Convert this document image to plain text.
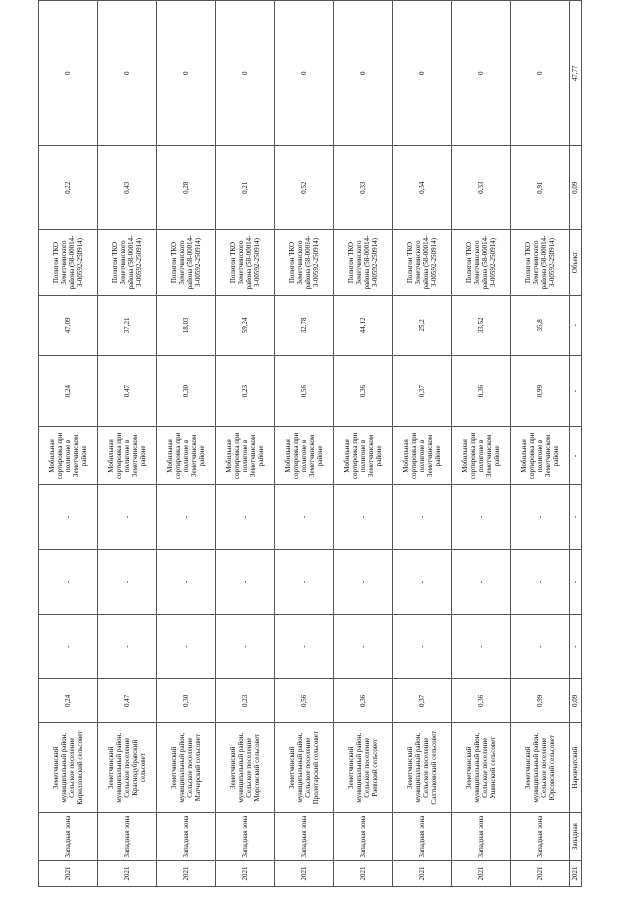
2021	Западная зона	Земетчинский муниципальный район, Сельское поселение Кирилловский сельсовет	0,24	-	-	-	Мобильная сортировка при полигоне в Земетчинском районе	0,24	47,09	Полигон ТКО Земетчинского района (58-00014-З-00592-250914)	0,22	0
2021	Западная зона	Земетчинский муниципальный район, Сельское поселение Краснодубравский сельсовет	0,47	-	-	-	Мобильная сортировка при полигоне в Земетчинском районе	0,47	37,21	Полигон ТКО Земетчинского района (58-00014-З-00592-250914)	0,43	0
2021	Западная зона	Земетчинский муниципальный район, Сельское поселение Матчерский сельсовет	0,30	-	-	-	Мобильная сортировка при полигоне в Земетчинском районе	0,30	18,03	Полигон ТКО Земетчинского района (58-00014-З-00592-250914)	0,28	0
2021	Западная зона	Земетчинский муниципальный район, Сельское поселение Морсовский сельсовет	0,23	-	-	-	Мобильная сортировка при полигоне в Земетчинском районе	0,23	59,24	Полигон ТКО Земетчинского района (58-00014-З-00592-250914)	0,21	0
2021	Западная зона	Земетчинский муниципальный район, Сельское поселение Пролетарский сельсовет	0,56	-	-	-	Мобильная сортировка при полигоне в Земетчинском районе	0,56	32,78	Полигон ТКО Земетчинского района (58-00014-З-00592-250914)	0,52	0
2021	Западная зона	Земетчинский муниципальный район, Сельское поселение Раевский сельсовет	0,36	-	-	-	Мобильная сортировка при полигоне в Земетчинском районе	0,36	44,12	Полигон ТКО Земетчинского района (58-00014-З-00592-250914)	0,33	0
2021	Западная зона	Земетчинский муниципальный район, Сельское поселение Салтыковский сельсовет	0,37	-	-	-	Мобильная сортировка при полигоне в Земетчинском районе	0,37	25,2	Полигон ТКО Земетчинского района (58-00014-З-00592-250914)	0,34	0
2021	Западная зона	Земетчинский муниципальный район, Сельское поселение Ушинский сельсовет	0,36	-	-	-	Мобильная сортировка при полигоне в Земетчинском районе	0,36	33,52	Полигон ТКО Земетчинского района (58-00014-З-00592-250914)	0,33	0
2021	Западная зона	Земетчинский муниципальный район, Сельское поселение Юрсовский сельсовет	0,99	-	-	-	Мобильная сортировка при полигоне в Земетчинском районе	0,99	35,8	Полигон ТКО Земетчинского района (58-00014-З-00592-250914)	0,91	0
2021	Западная	Наровчатский	0,09	-	-	-	-	-	-	Объект	0,09	47,77
